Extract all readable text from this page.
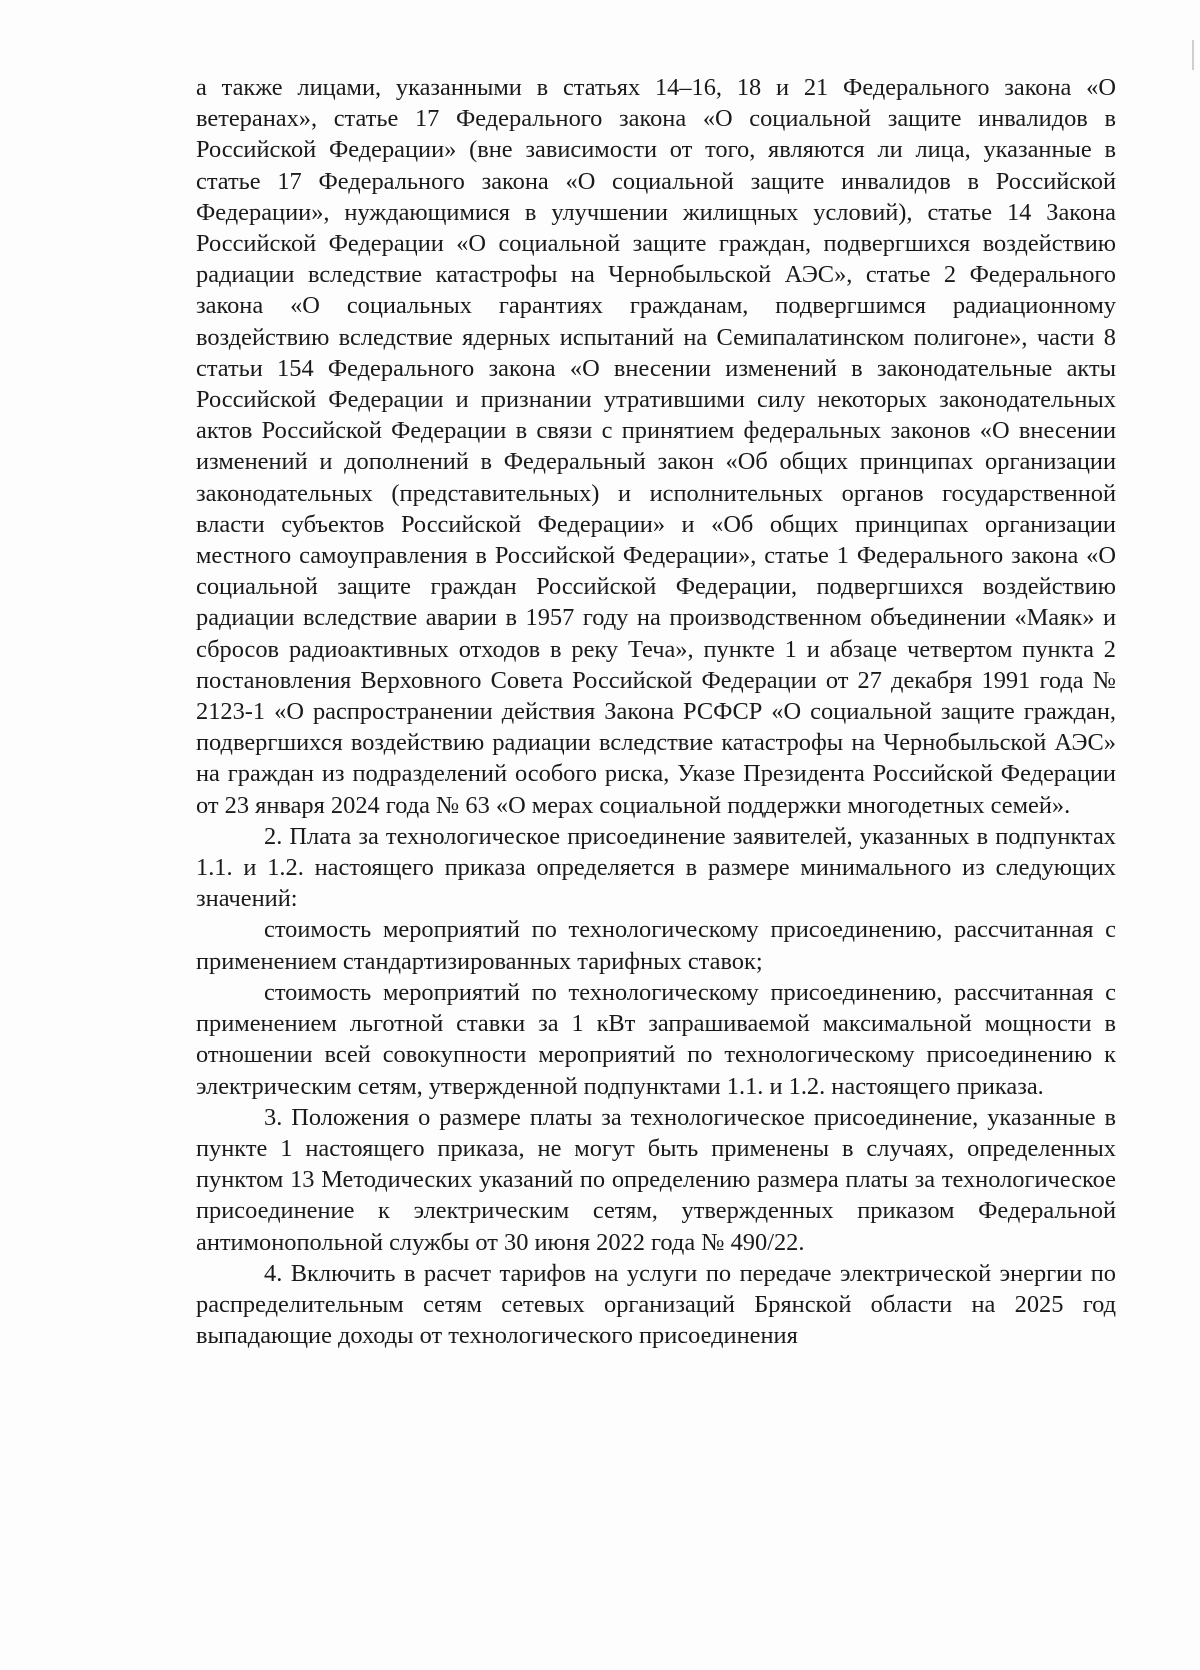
а также лицами, указанными в статьях 14–16, 18 и 21 Федерального закона «О ветеранах», статье 17 Федерального закона «О социальной защите инвалидов в Российской Федерации» (вне зависимости от того, являются ли лица, указанные в статье 17 Федерального закона «О социальной защите инвалидов в Российской Федерации», нуждающимися в улучшении жилищных условий), статье 14 Закона Российской Федерации «О социальной защите граждан, подвергшихся воздействию радиации вследствие катастрофы на Чернобыльской АЭС», статье 2 Федерального закона «О социальных гарантиях гражданам, подвергшимся радиационному воздействию вследствие ядерных испытаний на Семипалатинском полигоне», части 8 статьи 154 Федерального закона «О внесении изменений в законодательные акты Российской Федерации и признании утратившими силу некоторых законодательных актов Российской Федерации в связи с принятием федеральных законов «О внесении изменений и дополнений в Федеральный закон «Об общих принципах организации законодательных (представительных) и исполнительных органов государственной власти субъектов Российской Федерации» и «Об общих принципах организации местного самоуправления в Российской Федерации», статье 1 Федерального закона «О социальной защите граждан Российской Федерации, подвергшихся воздействию радиации вследствие аварии в 1957 году на производственном объединении «Маяк» и сбросов радиоактивных отходов в реку Теча», пункте 1 и абзаце четвертом пункта 2 постановления Верховного Совета Российской Федерации от 27 декабря 1991 года № 2123-1 «О распространении действия Закона РСФСР «О социальной защите граждан, подвергшихся воздействию радиации вследствие катастрофы на Чернобыльской АЭС» на граждан из подразделений особого риска, Указе Президента Российской Федерации от 23 января 2024 года № 63 «О мерах социальной поддержки многодетных семей».

2. Плата за технологическое присоединение заявителей, указанных в подпунктах 1.1. и 1.2. настоящего приказа определяется в размере минимального из следующих значений:

стоимость мероприятий по технологическому присоединению, рассчитанная с применением стандартизированных тарифных ставок;

стоимость мероприятий по технологическому присоединению, рассчитанная с применением льготной ставки за 1 кВт запрашиваемой максимальной мощности в отношении всей совокупности мероприятий по технологическому присоединению к электрическим сетям, утвержденной подпунктами 1.1. и 1.2. настоящего приказа.

3. Положения о размере платы за технологическое присоединение, указанные в пункте 1 настоящего приказа, не могут быть применены в случаях, определенных пунктом 13 Методических указаний по определению размера платы за технологическое присоединение к электрическим сетям, утвержденных приказом Федеральной антимонопольной службы от 30 июня 2022 года № 490/22.

4. Включить в расчет тарифов на услуги по передаче электрической энергии по распределительным сетям сетевых организаций Брянской области на 2025 год выпадающие доходы от технологического присоединения
